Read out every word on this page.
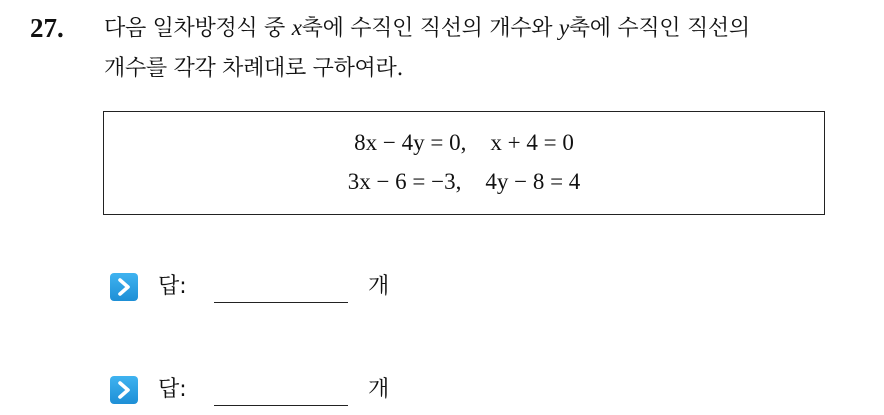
27. 다음 일차방정식 중 x축에 수직인 직선의 개수와 y축에 수직인 직선의
개수를 각각 차례대로 구하여라.
8x − 4y = 0, x + 4 = 0
3x − 6 = −3, 4y − 8 = 4
답:	개
답:	개
